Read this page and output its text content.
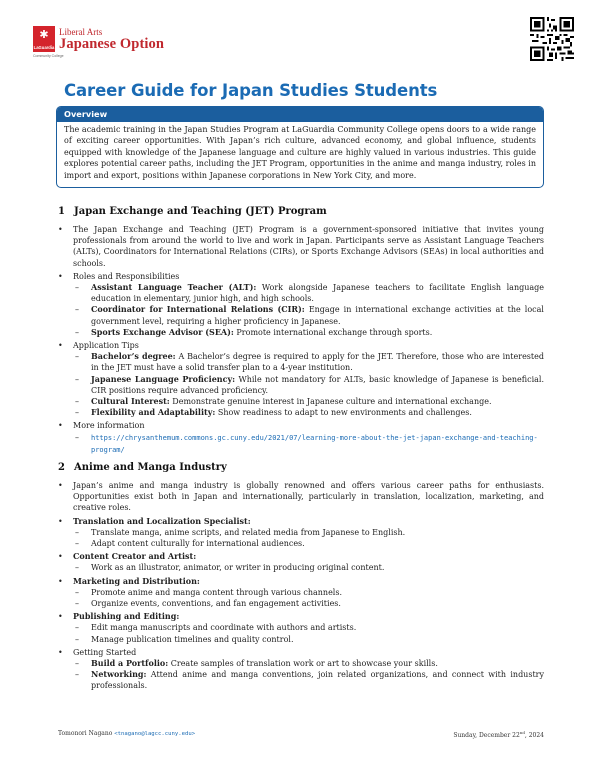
✱
LaGuardia
Liberal Arts
Japanese Option
Community College
Career Guide for Japan Studies Students
Overview
The academic training in the Japan Studies Program at LaGuardia Community College opens doors to a wide range of exciting career opportunities. With Japan’s rich culture, advanced economy, and global influence, students equipped with knowledge of the Japanese language and culture are highly valued in various industries. This guide explores potential career paths, including the JET Program, opportunities in the anime and manga industry, roles in import and export, positions within Japanese corporations in New York City, and more.
1 Japan Exchange and Teaching (JET) Program
• The Japan Exchange and Teaching (JET) Program is a government-sponsored initiative that invites young professionals from around the world to live and work in Japan. Participants serve as Assistant Language Teachers (ALTs), Coordinators for International Relations (CIRs), or Sports Exchange Advisors (SEAs) in local authorities and schools.
• Roles and Responsibilities
– Assistant Language Teacher (ALT): Work alongside Japanese teachers to facilitate English language education in elementary, junior high, and high schools.
– Coordinator for International Relations (CIR): Engage in international exchange activities at the local government level, requiring a higher proficiency in Japanese.
– Sports Exchange Advisor (SEA): Promote international exchange through sports.
• Application Tips
– Bachelor’s degree: A Bachelor’s degree is required to apply for the JET. Therefore, those who are interested in the JET must have a solid transfer plan to a 4-year institution.
– Japanese Language Proficiency: While not mandatory for ALTs, basic knowledge of Japanese is beneficial. CIR positions require advanced proficiency.
– Cultural Interest: Demonstrate genuine interest in Japanese culture and international exchange.
– Flexibility and Adaptability: Show readiness to adapt to new environments and challenges.
• More information
– https://chrysanthemum.commons.gc.cuny.edu/2021/07/learning-more-about-the-jet-japan-exchange-and-teaching-program/
2 Anime and Manga Industry
• Japan’s anime and manga industry is globally renowned and offers various career paths for enthusiasts. Opportunities exist both in Japan and internationally, particularly in translation, localization, marketing, and creative roles.
• Translation and Localization Specialist:
– Translate manga, anime scripts, and related media from Japanese to English.
– Adapt content culturally for international audiences.
• Content Creator and Artist:
– Work as an illustrator, animator, or writer in producing original content.
• Marketing and Distribution:
– Promote anime and manga content through various channels.
– Organize events, conventions, and fan engagement activities.
• Publishing and Editing:
– Edit manga manuscripts and coordinate with authors and artists.
– Manage publication timelines and quality control.
• Getting Started
– Build a Portfolio: Create samples of translation work or art to showcase your skills.
– Networking: Attend anime and manga conventions, join related organizations, and connect with industry professionals.
Tomonori Nagano <tnagano@lagcc.cuny.edu>	Sunday, December 22nd, 2024
